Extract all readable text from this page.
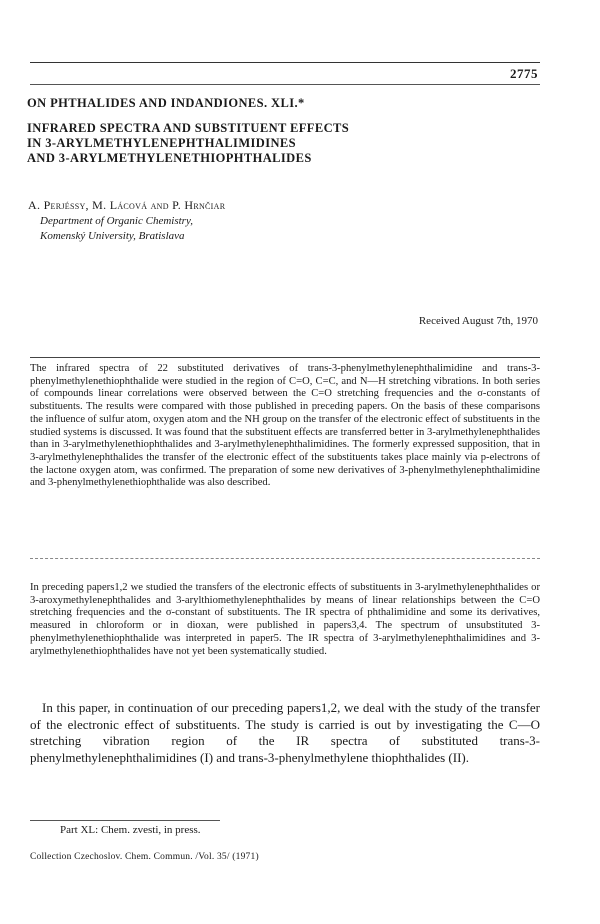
2775
ON PHTHALIDES AND INDANDIONES. XLI.*
INFRARED SPECTRA AND SUBSTITUENT EFFECTS
IN 3-ARYLMETHYLENEPHTHALIMIDINES
AND 3-ARYLMETHYLENETHIOPHTHALIDES
A. Perjéssy, M. Lácová and P. Hrnčiar
Department of Organic Chemistry,
Komenský University, Bratislava
Received August 7th, 1970

The infrared spectra of 22 substituted derivatives of trans-3-phenylmethylenephthalimidine and trans-3-phenylmethylenethiophthalide were studied in the region of C=O, C=C, and N—H stretching vibrations. In both series of compounds linear correlations were observed between the C=O stretching frequencies and the σ-constants of substituents. The results were compared with those published in preceding papers. On the basis of these comparisons the influence of sulfur atom, oxygen atom and the NH group on the transfer of the electronic effect of substituents in the studied systems is discussed. It was found that the substituent effects are transferred better in 3-arylmethylenephthalides than in 3-arylmethylenethiophthalides and 3-arylmethylenephthalimidines. The formerly expressed supposition, that in 3-arylmethylenephthalides the transfer of the electronic effect of the substituents takes place mainly via p-electrons of the lactone oxygen atom, was confirmed. The preparation of some new derivatives of 3-phenylmethylenephthalimidine and 3-phenylmethylenethiophthalide was also described.

In preceding papers1,2 we studied the transfers of the electronic effects of substituents in 3-arylmethylenephthalides or 3-aroxymethylenephthalides and 3-arylthiomethylenephthalides by means of linear relationships between the C=O stretching frequencies and the σ-constant of substituents. The IR spectra of phthalimidine and some its derivatives, measured in chloroform or in dioxan, were published in papers3,4. The spectrum of unsubstituted 3-phenylmethylenethiophthalide was interpreted in paper5. The IR spectra of 3-arylmethylenephthalimidines and 3-arylmethylenethiophthalides have not yet been systematically studied.

In this paper, in continuation of our preceding papers1,2, we deal with the study of the transfer of the electronic effect of substituents. The study is carried is out by investigating the C—O stretching vibration region of the IR spectra of substituted trans-3-phenylmethylenephthalimidines (I) and trans-3-phenylmethylene thiophthalides (II).

Part XL: Chem. zvesti, in press.
Collection Czechoslov. Chem. Commun. /Vol. 35/ (1971)
